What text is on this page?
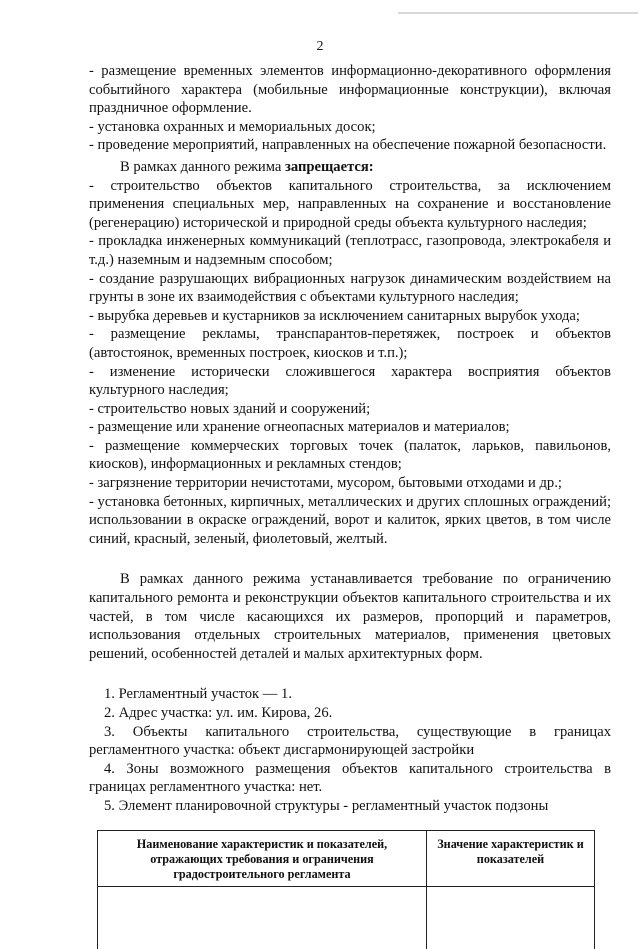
2

- размещение временных элементов информационно-декоративного оформления событийного характера (мобильные информационные конструкции), включая праздничное оформление.

- установка охранных и мемориальных досок;

- проведение мероприятий, направленных на обеспечение пожарной безопасности.

В рамках данного режима запрещается:

- строительство объектов капитального строительства, за исключением применения специальных мер, направленных на сохранение и восстановление (регенерацию) исторической и природной среды объекта культурного наследия;

- прокладка инженерных коммуникаций (теплотрасс, газопровода, электрокабеля и т.д.) наземным и надземным способом;

- создание разрушающих вибрационных нагрузок динамическим воздействием на грунты в зоне их взаимодействия с объектами культурного наследия;

- вырубка деревьев и кустарников за исключением санитарных вырубок ухода;

- размещение рекламы, транспарантов-перетяжек, построек и объектов (автостоянок, временных построек, киосков и т.п.);

- изменение исторически сложившегося характера восприятия объектов культурного наследия;

- строительство новых зданий и сооружений;

- размещение или хранение огнеопасных материалов и материалов;

- размещение коммерческих торговых точек (палаток, ларьков, павильонов, киосков), информационных и рекламных стендов;

- загрязнение территории нечистотами, мусором, бытовыми отходами и др.;

- установка бетонных, кирпичных, металлических и других сплошных ограждений; использовании в окраске ограждений, ворот и калиток, ярких цветов, в том числе синий, красный, зеленый, фиолетовый, желтый.

В рамках данного режима устанавливается требование по ограничению капитального ремонта и реконструкции объектов капитального строительства и их частей, в том числе касающихся их размеров, пропорций и параметров, использования отдельных строительных материалов, применения цветовых решений, особенностей деталей и малых архитектурных форм.

1. Регламентный участок — 1.

2. Адрес участка: ул. им. Кирова, 26.

3. Объекты капитального строительства, существующие в границах регламентного участка: объект дисгармонирующей застройки

4. Зоны возможного размещения объектов капитального строительства в границах регламентного участка: нет.

5. Элемент планировочной структуры - регламентный участок подзоны

Наименование характеристик и показателей, отражающих требования и ограничения градостроительного регламента	Значение характеристик и показателей
